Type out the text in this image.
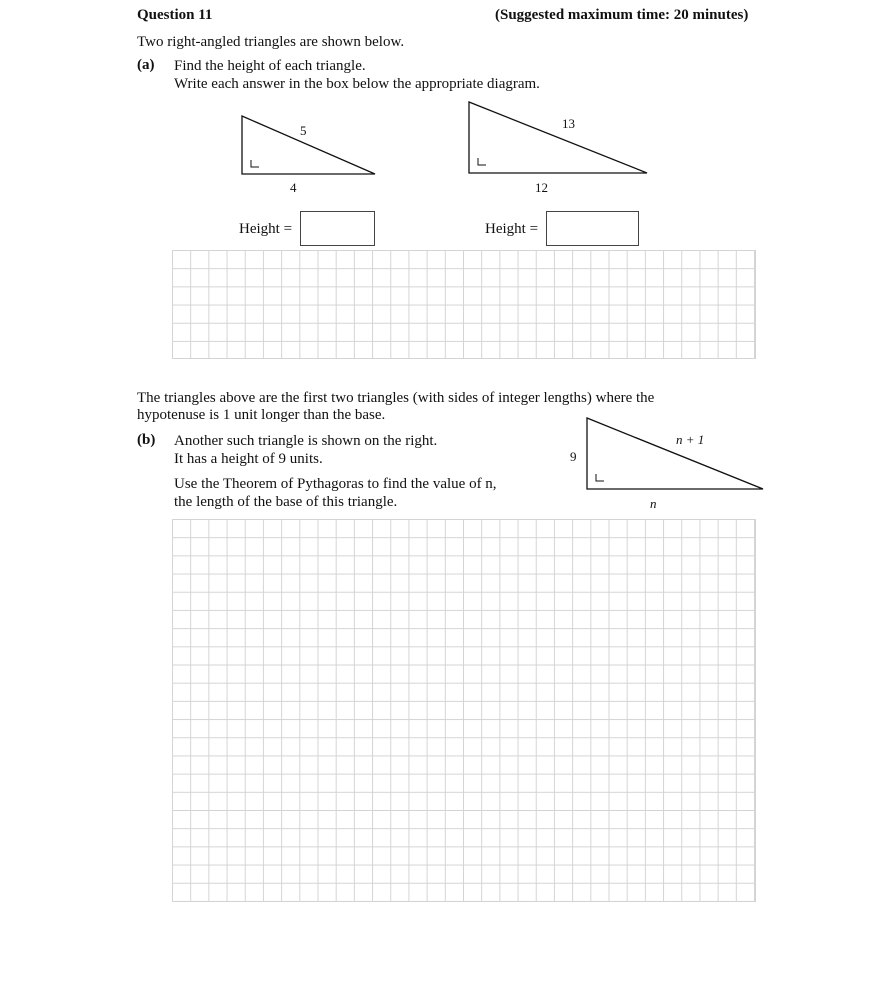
Question 11	(Suggested maximum time: 20 minutes)
Two right-angled triangles are shown below.
(a) Find the height of each triangle.
Write each answer in the box below the appropriate diagram.
5
4
13
12
Height =	Height =
The triangles above are the first two triangles (with sides of integer lengths) where the
hypotenuse is 1 unit longer than the base.
(b) Another such triangle is shown on the right.
It has a height of 9 units.
Use the Theorem of Pythagoras to find the value of n,
the length of the base of this triangle.
9
n + 1
n
